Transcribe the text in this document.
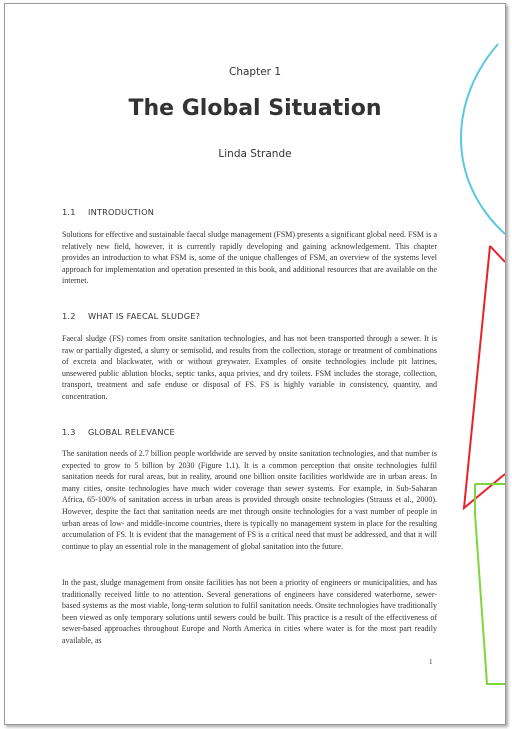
Chapter 1
The Global Situation
Linda Strande
1.1 INTRODUCTION

Solutions for effective and sustainable faecal sludge management (FSM) presents a significant global need. FSM is a relatively new field, however, it is currently rapidly developing and gaining acknowledgement. This chapter provides an introduction to what FSM is, some of the unique challenges of FSM, an overview of the systems level approach for implementation and operation presented in this book, and additional resources that are available on the internet.

1.2 WHAT IS FAECAL SLUDGE?

Faecal sludge (FS) comes from onsite sanitation technologies, and has not been transported through a sewer. It is raw or partially digested, a slurry or semisolid, and results from the collection, storage or treatment of combinations of excreta and blackwater, with or without greywater. Examples of onsite technologies include pit latrines, unsewered public ablution blocks, septic tanks, aqua privies, and dry toilets. FSM includes the storage, collection, transport, treatment and safe enduse or disposal of FS. FS is highly variable in consistency, quantity, and concentration.

1.3 GLOBAL RELEVANCE

The sanitation needs of 2.7 billion people worldwide are served by onsite sanitation technologies, and that number is expected to grow to 5 billion by 2030 (Figure 1.1). It is a common perception that onsite technologies fulfil sanitation needs for rural areas, but in reality, around one billion onsite facilities worldwide are in urban areas. In many cities, onsite technologies have much wider coverage than sewer systems. For example, in Sub-Saharan Africa, 65-100% of sanitation access in urban areas is provided through onsite technologies (Strauss et al., 2000). However, despite the fact that sanitation needs are met through onsite technologies for a vast number of people in urban areas of low- and middle-income countries, there is typically no management system in place for the resulting accumulation of FS. It is evident that the management of FS is a critical need that must be addressed, and that it will continue to play an essential role in the management of global sanitation into the future.

In the past, sludge management from onsite facilities has not been a priority of engineers or municipalities, and has traditionally received little to no attention. Several generations of engineers have considered waterborne, sewer-based systems as the most viable, long-term solution to fulfil sanitation needs. Onsite technologies have traditionally been viewed as only temporary solutions until sewers could be built. This practice is a result of the effectiveness of sewer-based approaches throughout Europe and North America in cities where water is for the most part readily available, as

1
